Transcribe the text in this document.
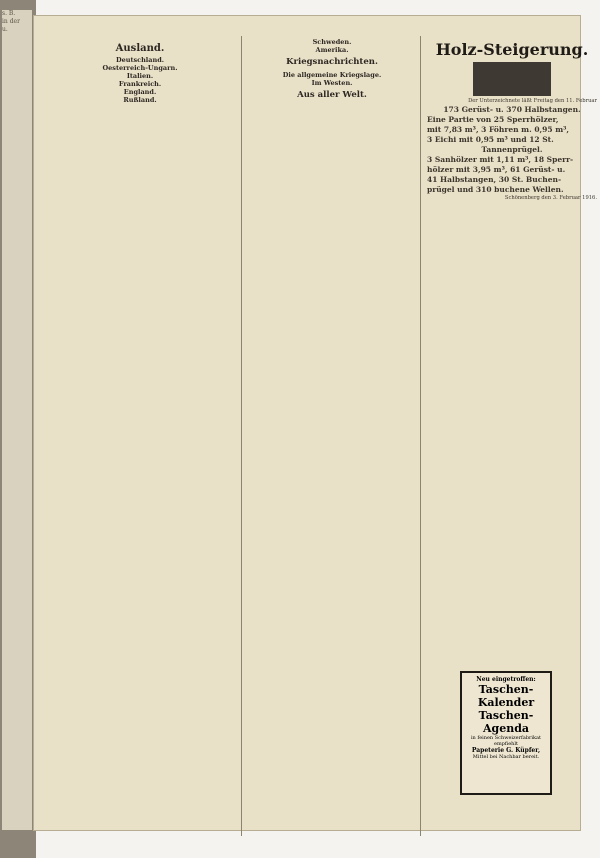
s. B.
in der
u.
Ausland.
Deutschland.
Oesterreich-Ungarn.
Italien.
Frankreich.
England.
Rußland.
Schweden.
Amerika.
Kriegsnachrichten.
Die allgemeine Kriegslage.
Im Westen.
Aus aller Welt.
Holz-Steigerung.
Der Unterzeichnete läßt Freitag den 11. Februar
173 Gerüst- u. 370 Halbstangen.
Eine Partie von 25 Sperrhölzer,
mit 7,83 m³, 3 Föhren m. 0,95 m³,
3 Eichi mit 0,95 m³ und 12 St.
Tannenprügel.
3 Sanhölzer mit 1,11 m³, 18 Sperr-
hölzer mit 3,95 m³, 61 Gerüst- u.
41 Halbstangen, 30 St. Buchen-
prügel und 310 buchene Wellen.
Schönenberg den 3. Februar 1916.
Neu eingetroffen:
Taschen-
Kalender
Taschen-
Agenda
in feinen Schweizerfabrikat
empfiehlt
Papeterie G. Küpfer,
Mittel bei Nachbar bereit.
